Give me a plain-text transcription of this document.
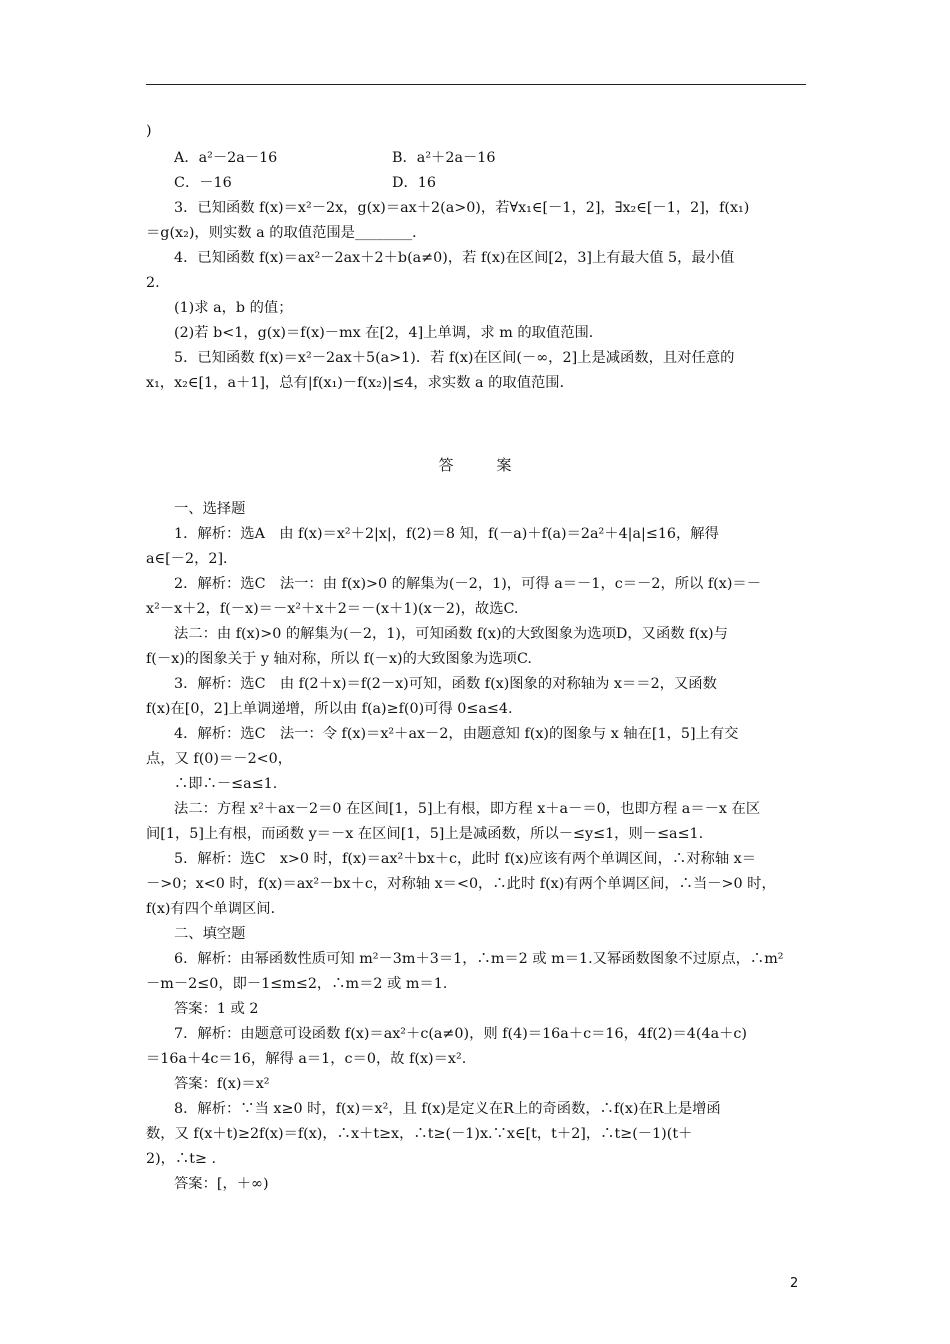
)
A．a²－2a－16	B．a²＋2a－16
C．－16	D．16
3．已知函数 f(x)＝x²－2x，g(x)＝ax＋2(a>0)，若∀x₁∈[－1，2]，∃x₂∈[－1，2]，f(x₁)
＝g(x₂)，则实数 a 的取值范围是________．
4．已知函数 f(x)＝ax²－2ax＋2＋b(a≠0)，若 f(x)在区间[2，3]上有最大值 5，最小值
2.
(1)求 a，b 的值；
(2)若 b<1，g(x)＝f(x)－mx 在[2，4]上单调，求 m 的取值范围．
5．已知函数 f(x)＝x²－2ax＋5(a>1)．若 f(x)在区间(－∞，2]上是减函数，且对任意的
x₁，x₂∈[1，a＋1]，总有|f(x₁)－f(x₂)|≤4，求实数 a 的取值范围．
答　案
一、选择题
1．解析：选A　由 f(x)＝x²＋2|x|，f(2)＝8 知，f(－a)＋f(a)＝2a²＋4|a|≤16，解得
a∈[－2，2]．
2．解析：选C　法一：由 f(x)>0 的解集为(－2，1)，可得 a＝－1，c＝－2，所以 f(x)＝－
x²－x＋2，f(－x)＝－x²＋x＋2＝－(x＋1)(x－2)，故选C.
法二：由 f(x)>0 的解集为(－2，1)，可知函数 f(x)的大致图象为选项D，又函数 f(x)与
f(－x)的图象关于 y 轴对称，所以 f(－x)的大致图象为选项C.
3．解析：选C　由 f(2＋x)＝f(2－x)可知，函数 f(x)图象的对称轴为 x＝＝2，又函数
f(x)在[0，2]上单调递增，所以由 f(a)≥f(0)可得 0≤a≤4.
4．解析：选C　法一：令 f(x)＝x²＋ax－2，由题意知 f(x)的图象与 x 轴在[1，5]上有交
点，又 f(0)＝－2<0，
∴即∴－≤a≤1.
法二：方程 x²＋ax－2＝0 在区间[1，5]上有根，即方程 x＋a－＝0，也即方程 a＝－x 在区
间[1，5]上有根，而函数 y＝－x 在区间[1，5]上是减函数，所以－≤y≤1，则－≤a≤1.
5．解析：选C　x>0 时，f(x)＝ax²＋bx＋c，此时 f(x)应该有两个单调区间，∴对称轴 x＝
－>0；x<0 时，f(x)＝ax²－bx＋c，对称轴 x＝<0，∴此时 f(x)有两个单调区间，∴当－>0 时，
f(x)有四个单调区间．
二、填空题
6．解析：由幂函数性质可知 m²－3m＋3＝1，∴m＝2 或 m＝1.又幂函数图象不过原点，∴m²
－m－2≤0，即－1≤m≤2，∴m＝2 或 m＝1.
答案：1 或 2
7．解析：由题意可设函数 f(x)＝ax²＋c(a≠0)，则 f(4)＝16a＋c＝16，4f(2)＝4(4a＋c)
＝16a＋4c＝16，解得 a＝1，c＝0，故 f(x)＝x².
答案：f(x)＝x²
8．解析：∵当 x≥0 时，f(x)＝x²，且 f(x)是定义在R上的奇函数，∴f(x)在R上是增函
数，又 f(x＋t)≥2f(x)＝f(x)，∴x＋t≥x，∴t≥(－1)x.∵x∈[t，t＋2]，∴t≥(－1)(t＋
2)，∴t≥ .
答案：[，＋∞)
2
